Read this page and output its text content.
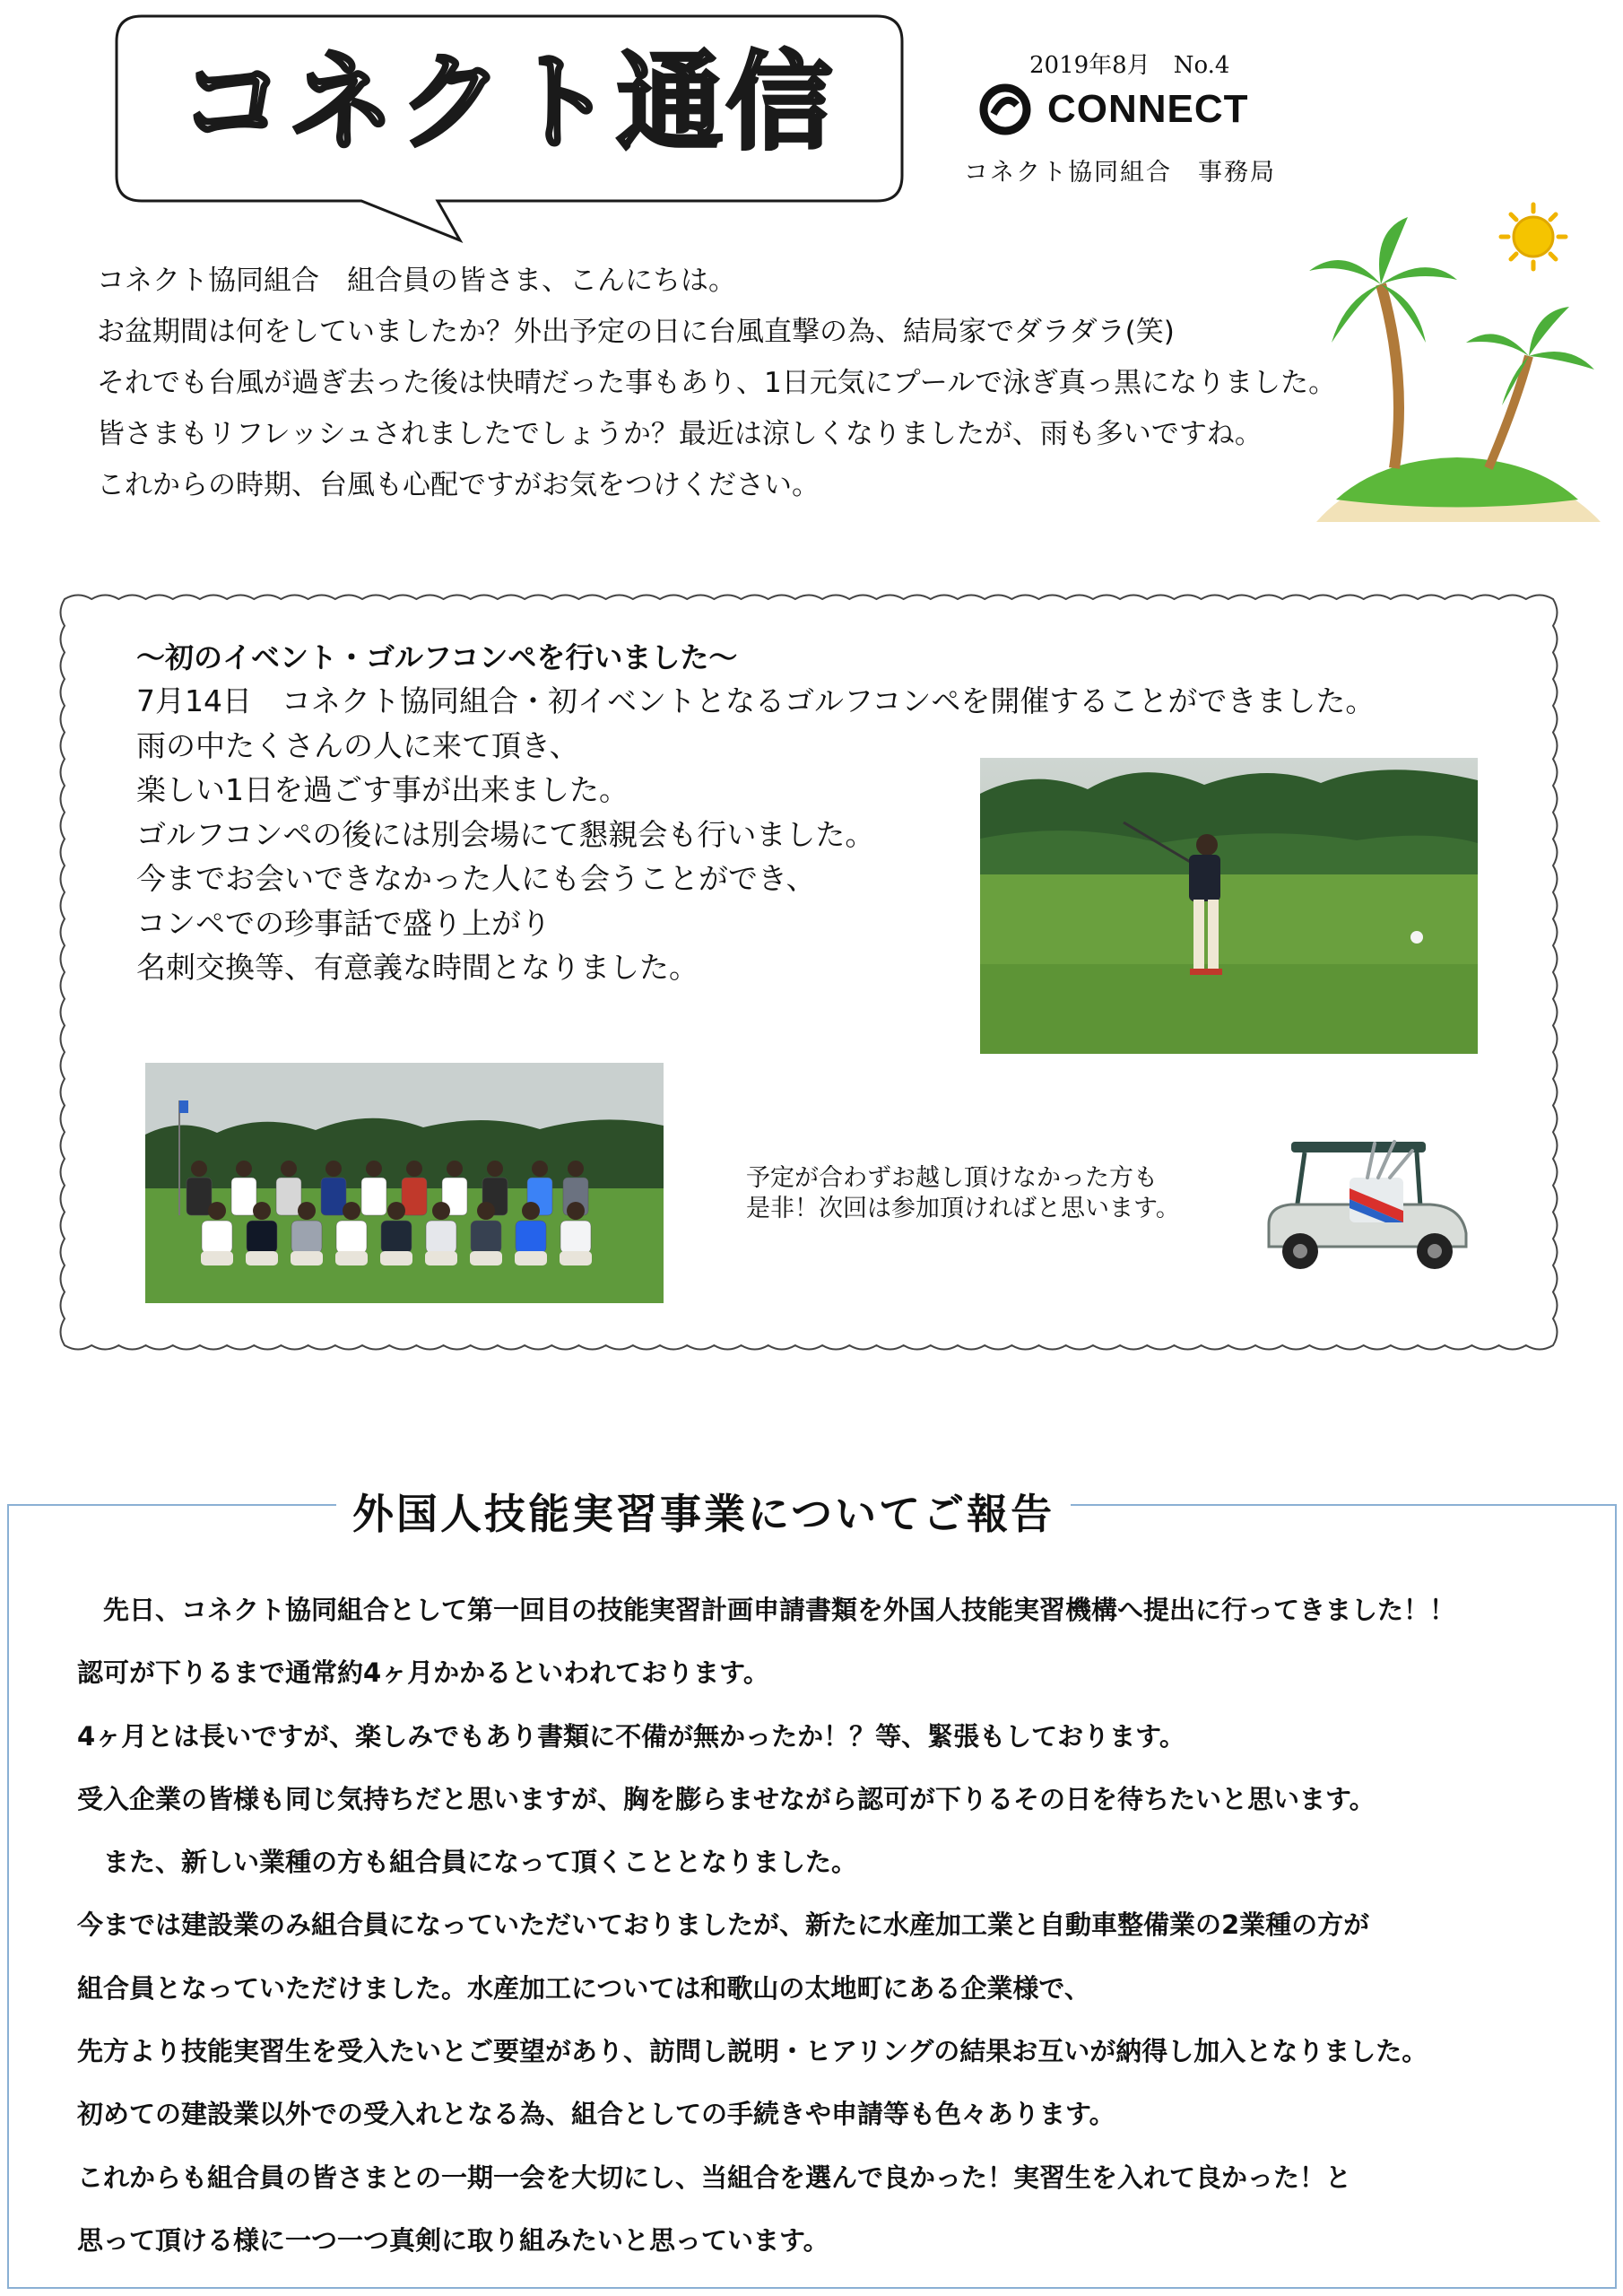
コネクト通信	2019年8月　No.4
CONNECT
コネクト協同組合　事務局
コネクト協同組合　組合員の皆さま、こんにちは。
お盆期間は何をしていましたか？外出予定の日に台風直撃の為、結局家でダラダラ(笑)
それでも台風が過ぎ去った後は快晴だった事もあり、1日元気にプールで泳ぎ真っ黒になりました。
皆さまもリフレッシュされましたでしょうか？最近は涼しくなりましたが、雨も多いですね。
これからの時期、台風も心配ですがお気をつけください。
～初のイベント・ゴルフコンペを行いました～
7月14日　コネクト協同組合・初イベントとなるゴルフコンペを開催することができました。
雨の中たくさんの人に来て頂き、
楽しい1日を過ごす事が出来ました。
ゴルフコンペの後には別会場にて懇親会も行いました。
今までお会いできなかった人にも会うことができ、
コンペでの珍事話で盛り上がり
名刺交換等、有意義な時間となりました。
予定が合わずお越し頂けなかった方も
是非！次回は参加頂ければと思います。
外国人技能実習事業についてご報告
　先日、コネクト協同組合として第一回目の技能実習計画申請書類を外国人技能実習機構へ提出に行ってきました！！
認可が下りるまで通常約4ヶ月かかるといわれております。
4ヶ月とは長いですが、楽しみでもあり書類に不備が無かったか！？等、緊張もしております。
受入企業の皆様も同じ気持ちだと思いますが、胸を膨らませながら認可が下りるその日を待ちたいと思います。
　また、新しい業種の方も組合員になって頂くこととなりました。
今までは建設業のみ組合員になっていただいておりましたが、新たに水産加工業と自動車整備業の2業種の方が
組合員となっていただけました。水産加工については和歌山の太地町にある企業様で、
先方より技能実習生を受入たいとご要望があり、訪問し説明・ヒアリングの結果お互いが納得し加入となりました。
初めての建設業以外での受入れとなる為、組合としての手続きや申請等も色々あります。
これからも組合員の皆さまとの一期一会を大切にし、当組合を選んで良かった！実習生を入れて良かった！と
思って頂ける様に一つ一つ真剣に取り組みたいと思っています。
